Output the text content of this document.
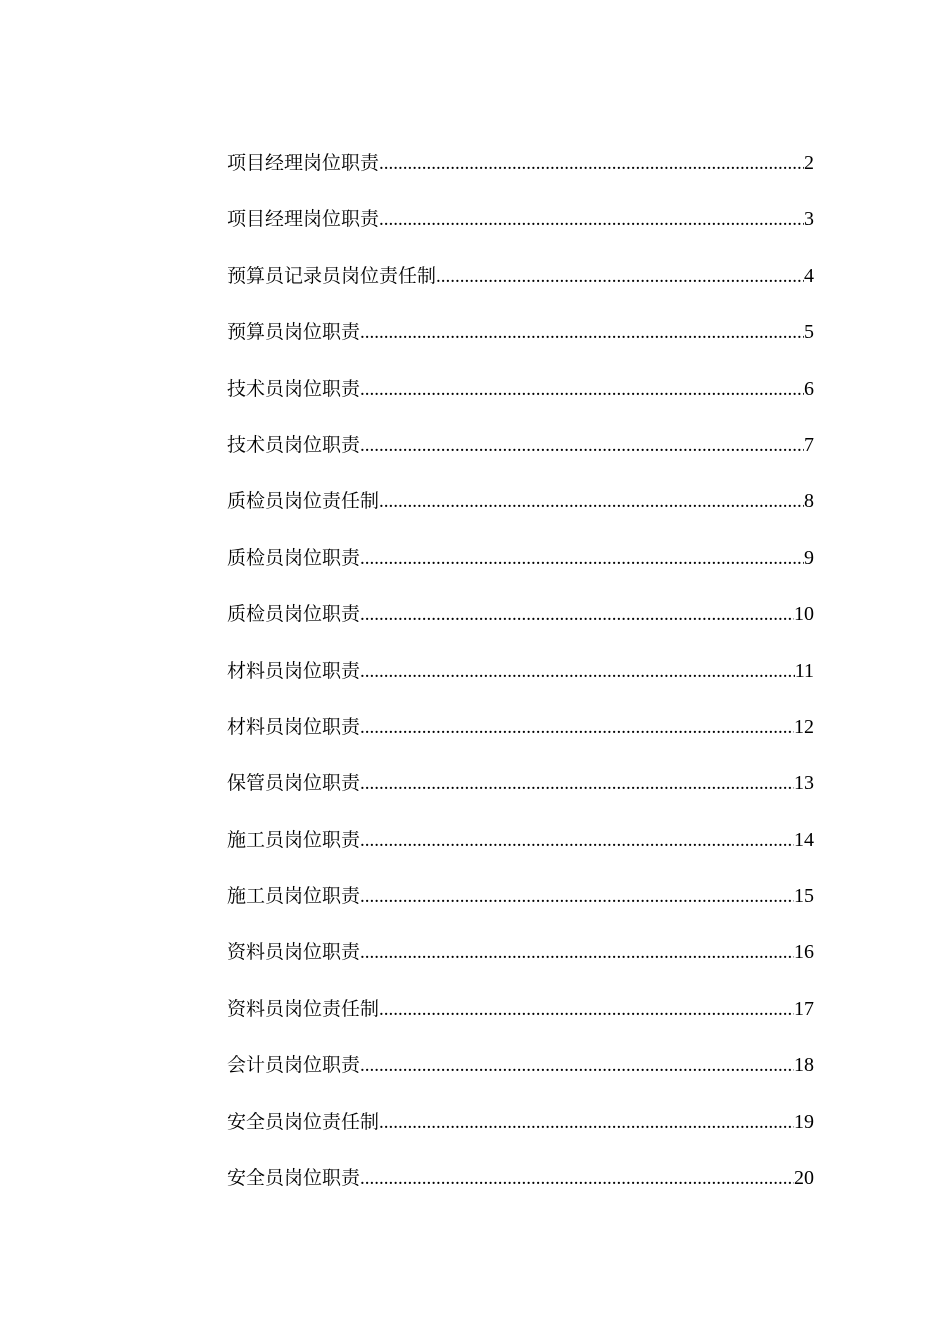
项目经理岗位职责 .....	2
项目经理岗位职责 .....	3
预算员记录员岗位责任制 .....	4
预算员岗位职责 .....	5
技术员岗位职责 .....	6
技术员岗位职责 .....	7
质检员岗位责任制 .....	8
质检员岗位职责 .....	9
质检员岗位职责 .....	10
材料员岗位职责 .....	11
材料员岗位职责 .....	12
保管员岗位职责 .....	13
施工员岗位职责 .....	14
施工员岗位职责 .....	15
资料员岗位职责 .....	16
资料员岗位责任制 .....	17
会计员岗位职责 .....	18
安全员岗位责任制 .....	19
安全员岗位职责 .....	20
